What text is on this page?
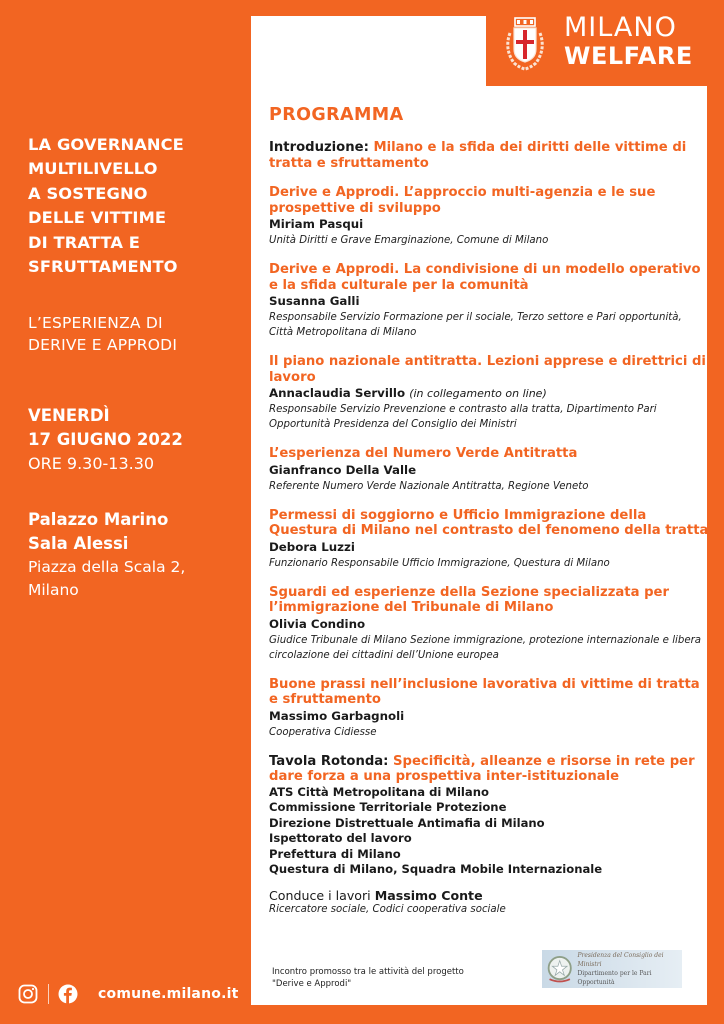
MILANO
WELFARE
LA GOVERNANCE
MULTILIVELLO
A SOSTEGNO
DELLE VITTIME
DI TRATTA E
SFRUTTAMENTO
L’ESPERIENZA DI
DERIVE E APPRODI
VENERDÌ
17 GIUGNO 2022
ORE 9.30-13.30
Palazzo Marino
Sala Alessi
Piazza della Scala 2,
Milano
comune.milano.it
PROGRAMMA
Introduzione: Milano e la sfida dei diritti delle vittime di tratta e sfruttamento
Derive e Approdi. L’approccio multi-agenzia e le sue prospettive di sviluppo
Miriam Pasqui
Unità Diritti e Grave Emarginazione, Comune di Milano
Derive e Approdi. La condivisione di un modello operativo e la sfida culturale per la comunità
Susanna Galli
Responsabile Servizio Formazione per il sociale, Terzo settore e Pari opportunità, Città Metropolitana di Milano
Il piano nazionale antitratta. Lezioni apprese e direttrici di lavoro
Annaclaudia Servillo (in collegamento on line)
Responsabile Servizio Prevenzione e contrasto alla tratta, Dipartimento Pari Opportunità Presidenza del Consiglio dei Ministri
L’esperienza del Numero Verde Antitratta
Gianfranco Della Valle
Referente Numero Verde Nazionale Antitratta, Regione Veneto
Permessi di soggiorno e Ufficio Immigrazione della Questura di Milano nel contrasto del fenomeno della tratta
Debora Luzzi
Funzionario Responsabile Ufficio Immigrazione, Questura di Milano
Sguardi ed esperienze della Sezione specializzata per l’immigrazione del Tribunale di Milano
Olivia Condino
Giudice Tribunale di Milano Sezione immigrazione, protezione internazionale e libera circolazione dei cittadini dell’Unione europea
Buone prassi nell’inclusione lavorativa di vittime di tratta e sfruttamento
Massimo Garbagnoli
Cooperativa Cidiesse
Tavola Rotonda: Specificità, alleanze e risorse in rete per dare forza a una prospettiva inter-istituzionale
ATS Città Metropolitana di Milano
Commissione Territoriale Protezione
Direzione Distrettuale Antimafia di Milano
Ispettorato del lavoro
Prefettura di Milano
Questura di Milano, Squadra Mobile Internazionale
Conduce i lavori Massimo Conte
Ricercatore sociale, Codici cooperativa sociale
Incontro promosso tra le attività del progetto
"Derive e Approdi"
Presidenza del Consiglio dei Ministri
Dipartimento per le Pari Opportunità
